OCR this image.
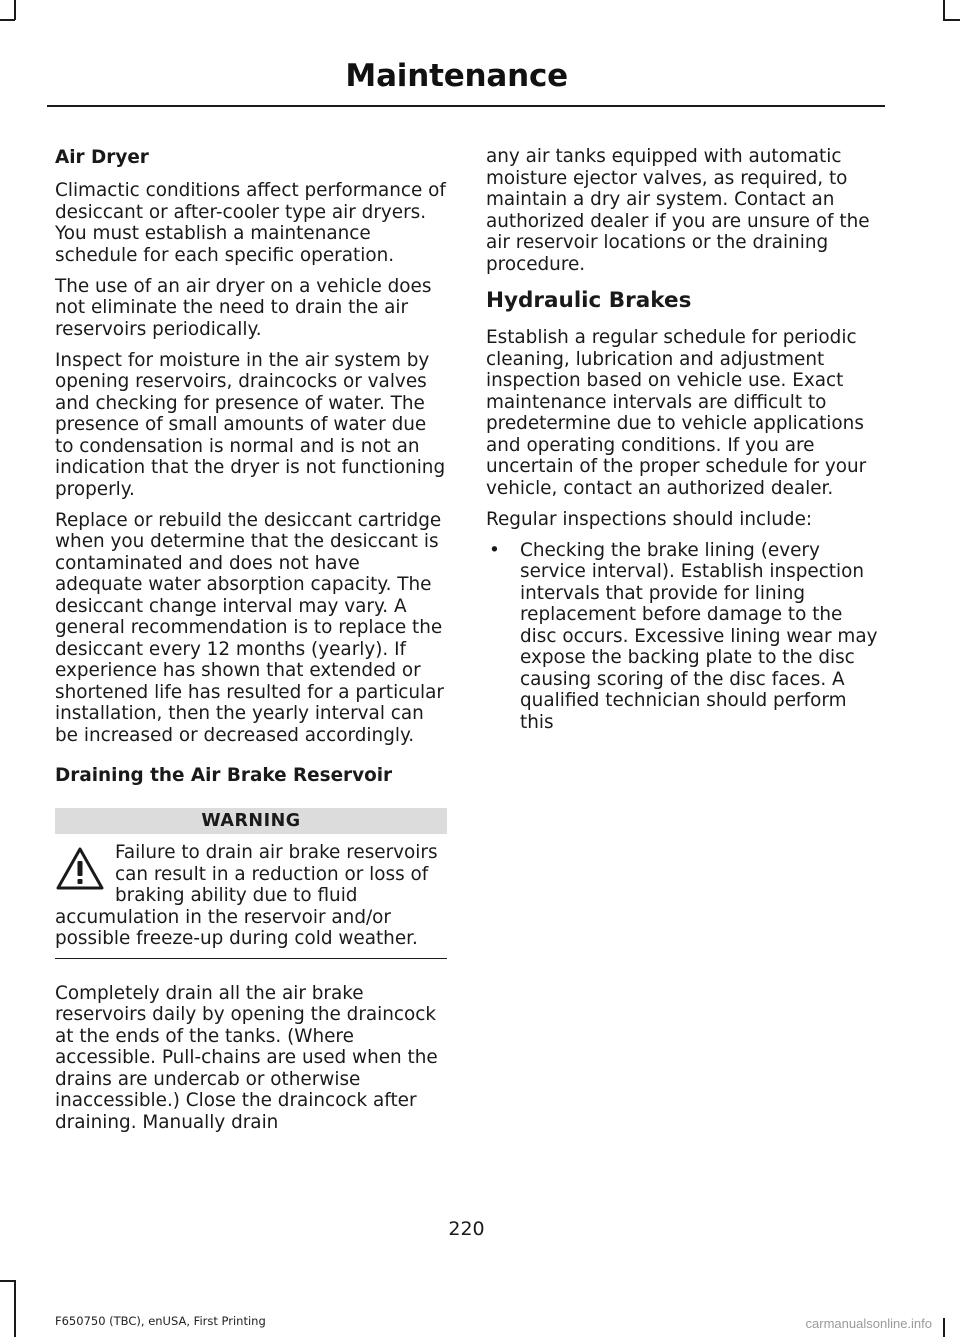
Maintenance
Air Dryer

Climactic conditions affect performance of desiccant or after-cooler type air dryers. You must establish a maintenance schedule for each specific operation.

The use of an air dryer on a vehicle does not eliminate the need to drain the air reservoirs periodically.

Inspect for moisture in the air system by opening reservoirs, draincocks or valves and checking for presence of water. The presence of small amounts of water due to condensation is normal and is not an indication that the dryer is not functioning properly.

Replace or rebuild the desiccant cartridge when you determine that the desiccant is contaminated and does not have adequate water absorption capacity. The desiccant change interval may vary. A general recommendation is to replace the desiccant every 12 months (yearly). If experience has shown that extended or shortened life has resulted for a particular installation, then the yearly interval can be increased or decreased accordingly.

Draining the Air Brake Reservoir
WARNING
Failure to drain air brake reservoirs can result in a reduction or loss of braking ability due to fluid accumulation in the reservoir and/or possible freeze-up during cold weather.

Completely drain all the air brake reservoirs daily by opening the draincock at the ends of the tanks. (Where accessible. Pull-chains are used when the drains are undercab or otherwise inaccessible.) Close the draincock after draining. Manually drain

any air tanks equipped with automatic moisture ejector valves, as required, to maintain a dry air system. Contact an authorized dealer if you are unsure of the air reservoir locations or the draining procedure.

Hydraulic Brakes

Establish a regular schedule for periodic cleaning, lubrication and adjustment inspection based on vehicle use. Exact maintenance intervals are difficult to predetermine due to vehicle applications and operating conditions. If you are uncertain of the proper schedule for your vehicle, contact an authorized dealer.

Regular inspections should include:

• Checking the brake lining (every service interval). Establish inspection intervals that provide for lining replacement before damage to the disc occurs. Excessive lining wear may expose the backing plate to the disc causing scoring of the disc faces. A qualified technician should perform this
220
F650750 (TBC), enUSA, First Printing	carmanualsonline.info
